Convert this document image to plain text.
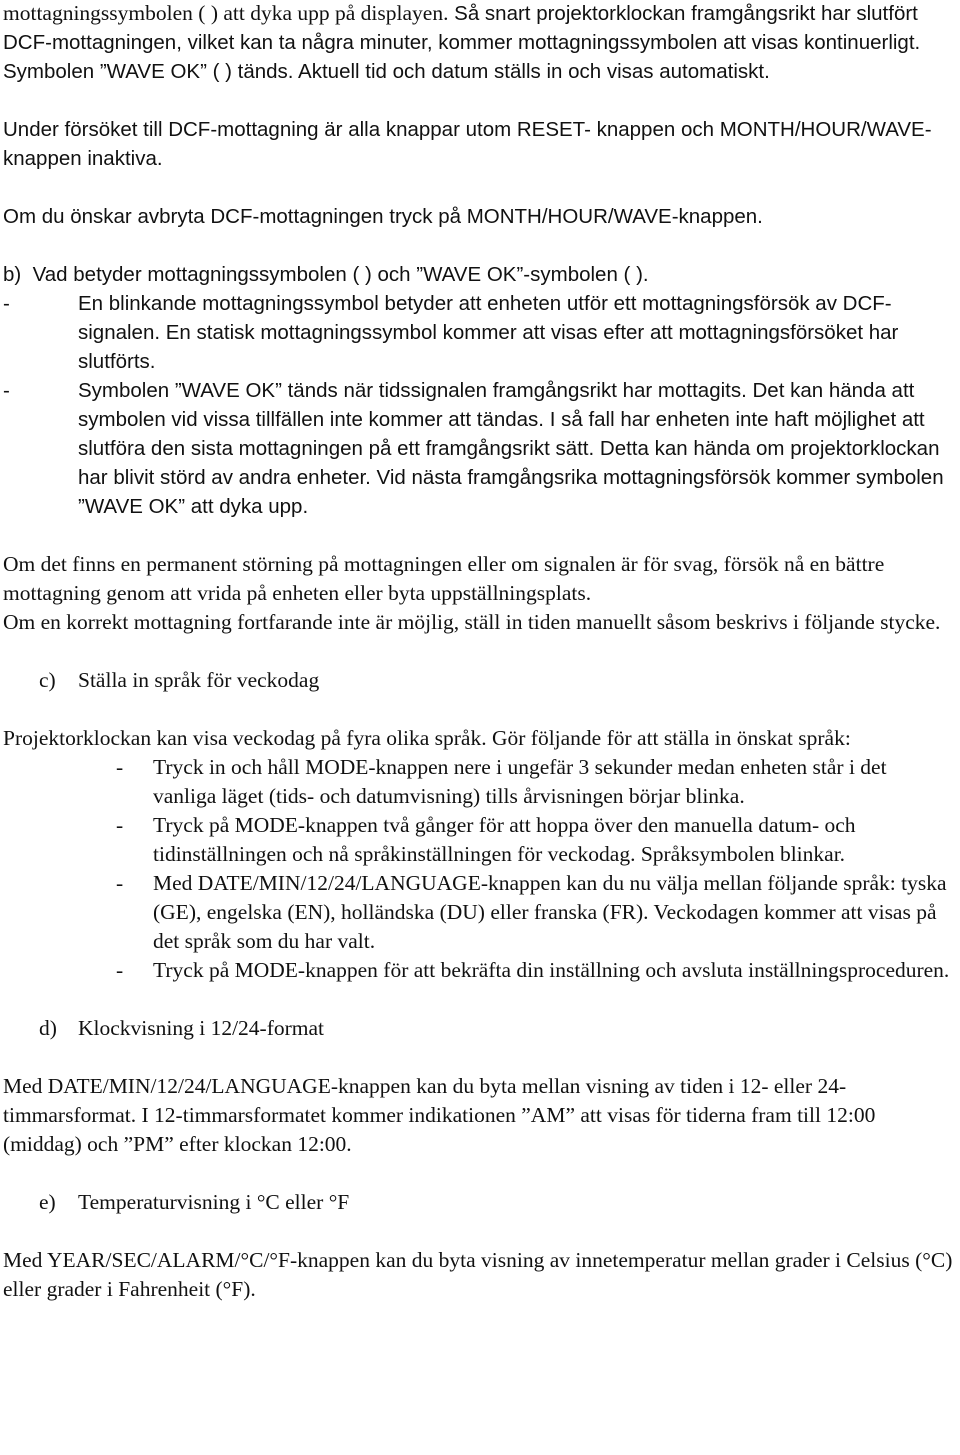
mottagningssymbolen ( ) att dyka upp på displayen. Så snart projektorklockan framgångsrikt har slutfört DCF-mottagningen, vilket kan ta några minuter, kommer mottagningssymbolen att visas kontinuerligt. Symbolen ”WAVE OK” ( ) tänds. Aktuell tid och datum ställs in och visas automatiskt.

Under försöket till DCF-mottagning är alla knappar utom RESET- knappen och MONTH/HOUR/WAVE-knappen inaktiva.

Om du önskar avbryta DCF-mottagningen tryck på MONTH/HOUR/WAVE-knappen.

b)  Vad betyder mottagningssymbolen ( ) och ”WAVE OK”-symbolen ( ).

-	En blinkande mottagningssymbol betyder att enheten utför ett mottagningsförsök av DCF-signalen. En statisk mottagningssymbol kommer att visas efter att mottagningsförsöket har slutförts.
-	Symbolen ”WAVE OK” tänds när tidssignalen framgångsrikt har mottagits. Det kan hända att symbolen vid vissa tillfällen inte kommer att tändas. I så fall har enheten inte haft möjlighet att slutföra den sista mottagningen på ett framgångsrikt sätt. Detta kan hända om projektorklockan har blivit störd av andra enheter. Vid nästa framgångsrika mottagningsförsök kommer symbolen ”WAVE OK” att dyka upp.

Om det finns en permanent störning på mottagningen eller om signalen är för svag, försök nå en bättre mottagning genom att vrida på enheten eller byta uppställningsplats.

Om en korrekt mottagning fortfarande inte är möjlig, ställ in tiden manuellt såsom beskrivs i följande stycke.

c)	Ställa in språk för veckodag

Projektorklockan kan visa veckodag på fyra olika språk. Gör följande för att ställa in önskat språk:

-	Tryck in och håll MODE-knappen nere i ungefär 3 sekunder medan enheten står i det vanliga läget (tids- och datumvisning) tills årvisningen börjar blinka.
-	Tryck på MODE-knappen två gånger för att hoppa över den manuella datum- och tidinställningen och nå språkinställningen för veckodag. Språksymbolen blinkar.
-	Med DATE/MIN/12/24/LANGUAGE-knappen kan du nu välja mellan följande språk: tyska (GE), engelska (EN), holländska (DU) eller franska (FR). Veckodagen kommer att visas på det språk som du har valt.
-	Tryck på MODE-knappen för att bekräfta din inställning och avsluta inställningsproceduren.
d) Klockvisning i 12/24-format

Med DATE/MIN/12/24/LANGUAGE-knappen kan du byta mellan visning av tiden i 12- eller 24-timmarsformat. I 12-timmarsformatet kommer indikationen ”AM” att visas för tiderna fram till 12:00 (middag) och ”PM” efter klockan 12:00.

e)	Temperaturvisning i °C eller °F

Med YEAR/SEC/ALARM/°C/°F-knappen kan du byta visning av innetemperatur mellan grader i Celsius (°C) eller grader i Fahrenheit (°F).
